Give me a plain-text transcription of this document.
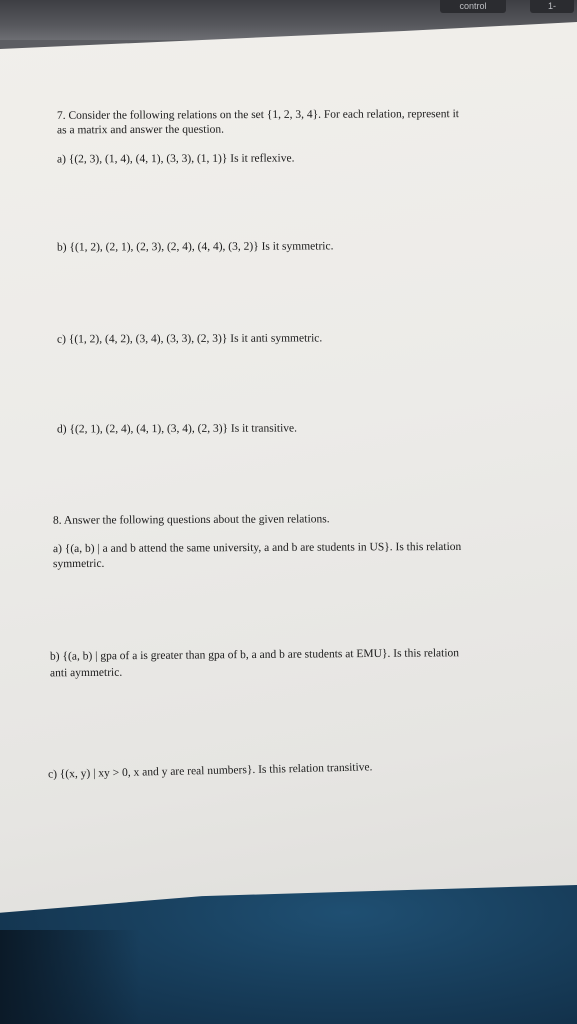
control	1-

7. Consider the following relations on the set {1, 2, 3, 4}. For each relation, represent it

as a matrix and answer the question.

a) {(2, 3), (1, 4), (4, 1), (3, 3), (1, 1)} Is it reflexive.

b) {(1, 2), (2, 1), (2, 3), (2, 4), (4, 4), (3, 2)} Is it symmetric.

c) {(1, 2), (4, 2), (3, 4), (3, 3), (2, 3)} Is it anti symmetric.

d) {(2, 1), (2, 4), (4, 1), (3, 4), (2, 3)} Is it transitive.

8. Answer the following questions about the given relations.

a) {(a, b) | a and b attend the same university, a and b are students in US}. Is this relation

symmetric.

b) {(a, b) | gpa of a is greater than gpa of b, a and b are students at EMU}. Is this relation

anti aymmetric.

c) {(x, y) | xy > 0, x and y are real numbers}. Is this relation transitive.
